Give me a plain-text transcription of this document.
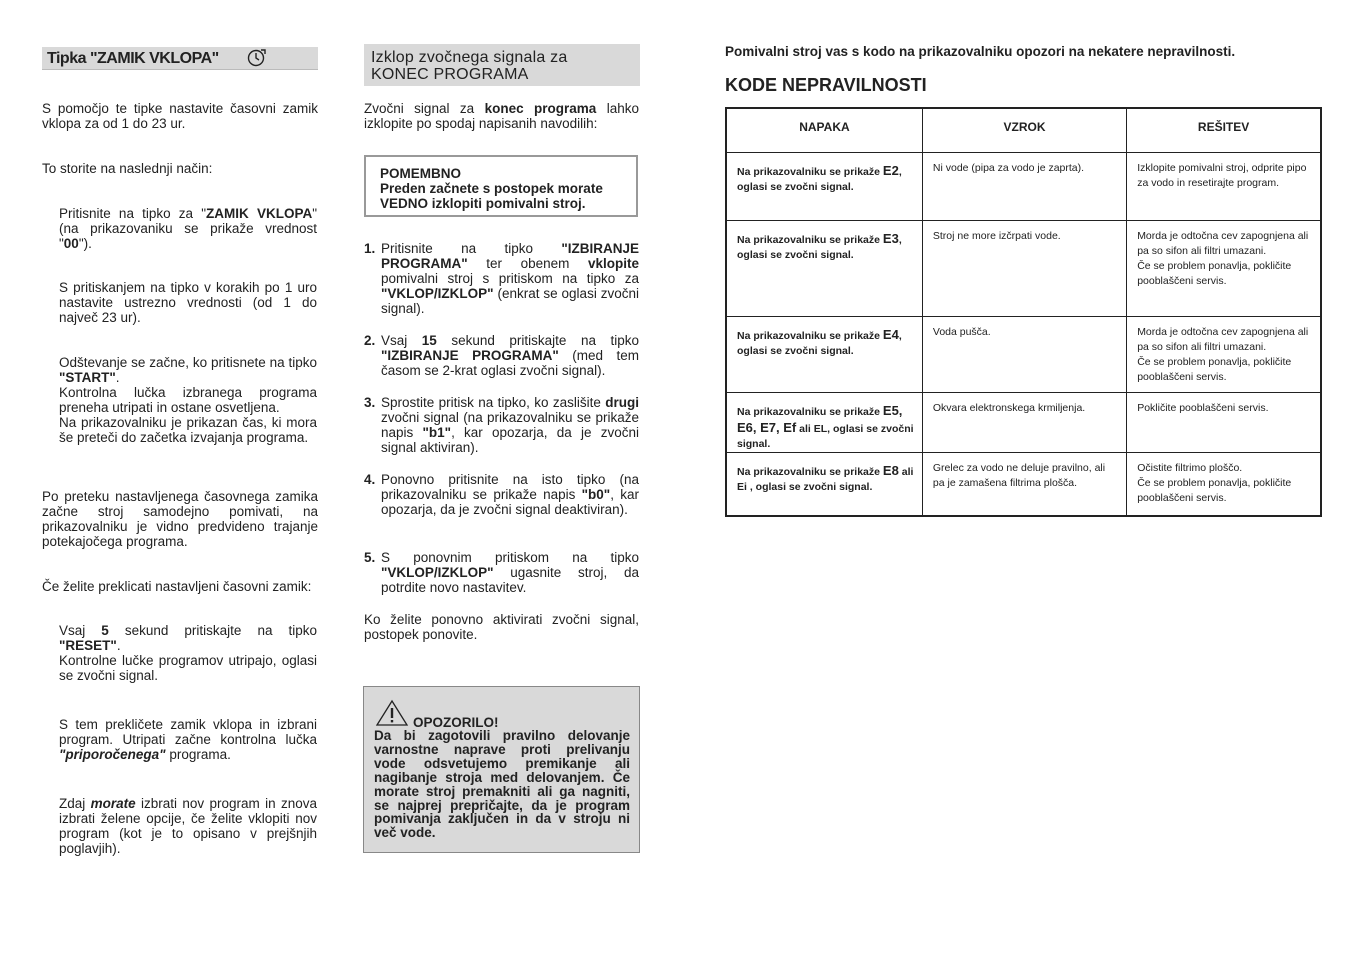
Tipka "ZAMIK VKLOPA"

S pomočjo te tipke nastavite časovni zamik vklopa za od 1 do 23 ur.

To storite na naslednji način:

Pritisnite na tipko za "ZAMIK VKLOPA" (na prikazovaniku se prikaže vrednost "00").

S pritiskanjem na tipko v korakih po 1 uro nastavite ustrezno vrednosti (od 1 do največ 23 ur).

Odštevanje se začne, ko pritisnete na tipko "START".

Kontrolna lučka izbranega programa preneha utripati in ostane osvetljena.

Na prikazovalniku je prikazan čas, ki mora še preteči do začetka izvajanja programa.

Po preteku nastavljenega časovnega zamika začne stroj samodejno pomivati, na prikazovalniku je vidno predvideno trajanje potekajočega programa.

Če želite preklicati nastavljeni časovni zamik:

Vsaj 5 sekund pritiskajte na tipko "RESET".

Kontrolne lučke programov utripajo, oglasi se zvočni signal.

S tem prekličete zamik vklopa in izbrani program. Utripati začne kontrolna lučka "priporočenega" programa.

Zdaj morate izbrati nov program in znova izbrati želene opcije, če želite vklopiti nov program (kot je to opisano v prejšnjih poglavjih).

Izklop zvočnega signala za KONEC PROGRAMA

Zvočni signal za konec programa lahko izklopite po spodaj napisanih navodilih:

POMEMBNO
Preden začnete s postopek morate VEDNO izklopiti pomivalni stroj.
1. Pritisnite na tipko "IZBIRANJE PROGRAMA" ter obenem vklopite pomivalni stroj s pritiskom na tipko za "VKLOP/IZKLOP" (enkrat se oglasi zvočni signal).
2. Vsaj 15 sekund pritiskajte na tipko "IZBIRANJE PROGRAMA" (med tem časom se 2-krat oglasi zvočni signal).
3. Sprostite pritisk na tipko, ko zaslišite drugi zvočni signal (na prikazovalniku se prikaže napis "b1", kar opozarja, da je zvočni signal aktiviran).
4. Ponovno pritisnite na isto tipko (na prikazovalniku se prikaže napis "b0", kar opozarja, da je zvočni signal deaktiviran).
5. S ponovnim pritiskom na tipko "VKLOP/IZKLOP" ugasnite stroj, da potrdite novo nastavitev.

Ko želite ponovno aktivirati zvočni signal, postopek ponovite.

OPOZORILO!
Da bi zagotovili pravilno delovanje varnostne naprave proti prelivanju vode odsvetujemo premikanje ali nagibanje stroja med delovanjem. Če morate stroj premakniti ali ga nagniti, se najprej prepričajte, da je program pomivanja zaključen in da v stroju ni več vode.
Pomivalni stroj vas s kodo na prikazovalniku opozori na nekatere nepravilnosti.
KODE NEPRAVILNOSTI
NAPAKA	VZROK	REŠITEV
Na prikazovalniku se prikaže E2, oglasi se zvočni signal.	Ni vode (pipa za vodo je zaprta).	Izklopite pomivalni stroj, odprite pipo za vodo in resetirajte program.
Na prikazovalniku se prikaže E3, oglasi se zvočni signal.	Stroj ne more izčrpati vode.	Morda je odtočna cev zapognjena ali pa so sifon ali filtri umazani.
Če se problem ponavlja, pokličite pooblaščeni servis.
Na prikazovalniku se prikaže E4, oglasi se zvočni signal.	Voda pušča.	Morda je odtočna cev zapognjena ali pa so sifon ali filtri umazani.
Če se problem ponavlja, pokličite pooblaščeni servis.
Na prikazovalniku se prikaže E5, E6, E7, Ef ali EL, oglasi se zvočni signal.	Okvara elektronskega krmiljenja.	Pokličite pooblaščeni servis.
Na prikazovalniku se prikaže E8 ali Ei , oglasi se zvočni signal.	Grelec za vodo ne deluje pravilno, ali pa je zamašena filtrima plošča.	Očistite filtrimo ploščo.
Če se problem ponavlja, pokličite pooblaščeni servis.
